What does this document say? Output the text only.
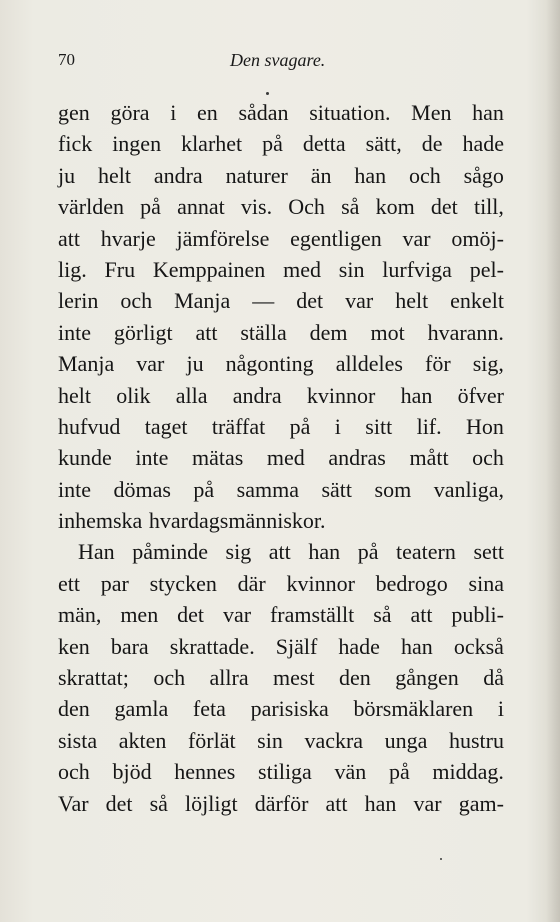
70	Den svagare.
gen göra i en sådan situation. Men han
fick ingen klarhet på detta sätt, de hade
ju helt andra naturer än han och sågo
världen på annat vis. Och så kom det till,
att hvarje jämförelse egentligen var omöj-
lig. Fru Kemppainen med sin lurfviga pel-
lerin och Manja — det var helt enkelt
inte görligt att ställa dem mot hvarann.
Manja var ju någonting alldeles för sig,
helt olik alla andra kvinnor han öfver
hufvud taget träffat på i sitt lif. Hon
kunde inte mätas med andras mått och
inte dömas på samma sätt som vanliga,
inhemska hvardagsmänniskor.
Han påminde sig att han på teatern sett
ett par stycken där kvinnor bedrogo sina
män, men det var framställt så att publi-
ken bara skrattade. Själf hade han också
skrattat; och allra mest den gången då
den gamla feta parisiska börsmäklaren i
sista akten förlät sin vackra unga hustru
och bjöd hennes stiliga vän på middag.
Var det så löjligt därför att han var gam-
